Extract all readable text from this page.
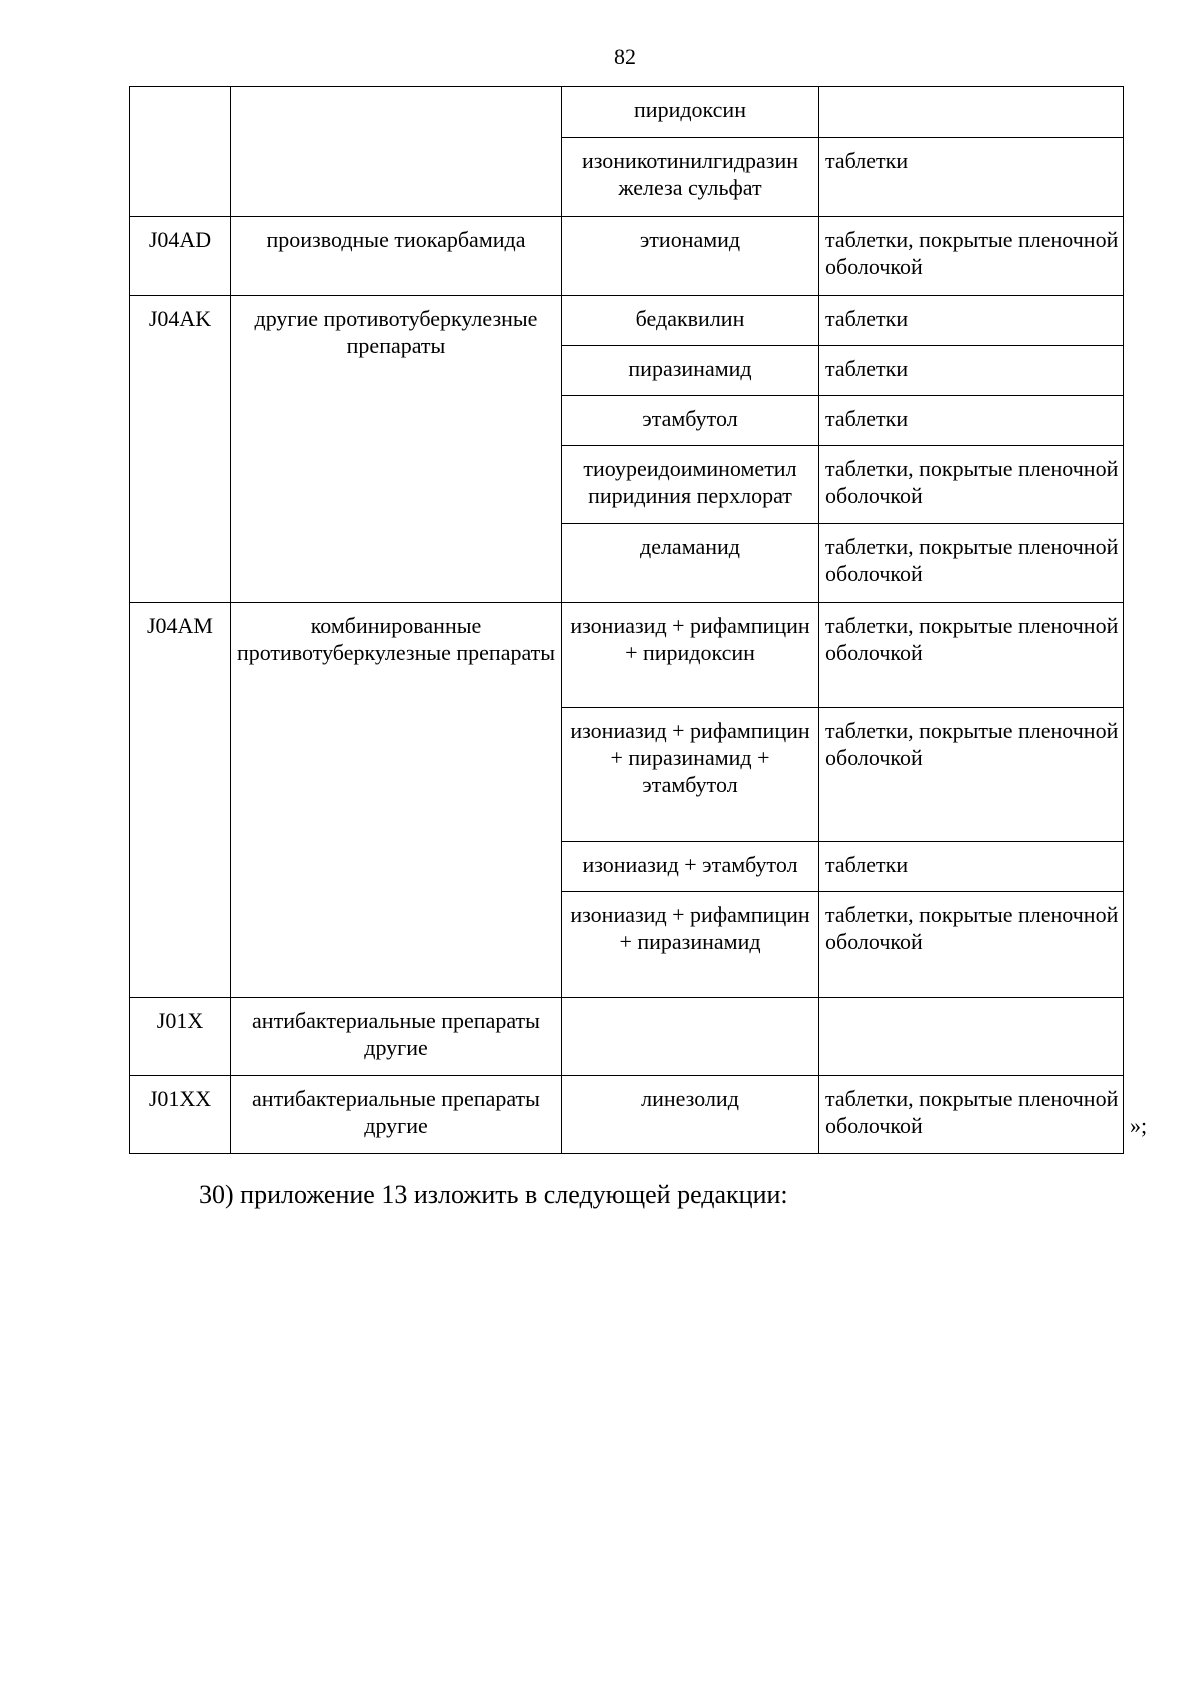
82
		пиридоксин	
		изоникотинилгидразин железа сульфат	таблетки
J04AD	производные тиокарбамида	этионамид	таблетки, покрытые пленочной оболочкой
J04AK	другие противотуберкулезные препараты	бедаквилин	таблетки
		пиразинамид	таблетки
		этамбутол	таблетки
		тиоуреидоиминометил пиридиния перхлорат	таблетки, покрытые пленочной оболочкой
		деламанид	таблетки, покрытые пленочной оболочкой
J04AM	комбинированные противотуберкулезные препараты	изониазид + рифампицин + пиридоксин	таблетки, покрытые пленочной оболочкой
		изониазид + рифампицин + пиразинамид + этамбутол	таблетки, покрытые пленочной оболочкой
		изониазид + этамбутол	таблетки
		изониазид + рифампицин + пиразинамид	таблетки, покрытые пленочной оболочкой
J01X	антибактериальные препараты другие		
J01XX	антибактериальные препараты другие	линезолид	таблетки, покрытые пленочной оболочкой	»;
30) приложение 13 изложить в следующей редакции:
